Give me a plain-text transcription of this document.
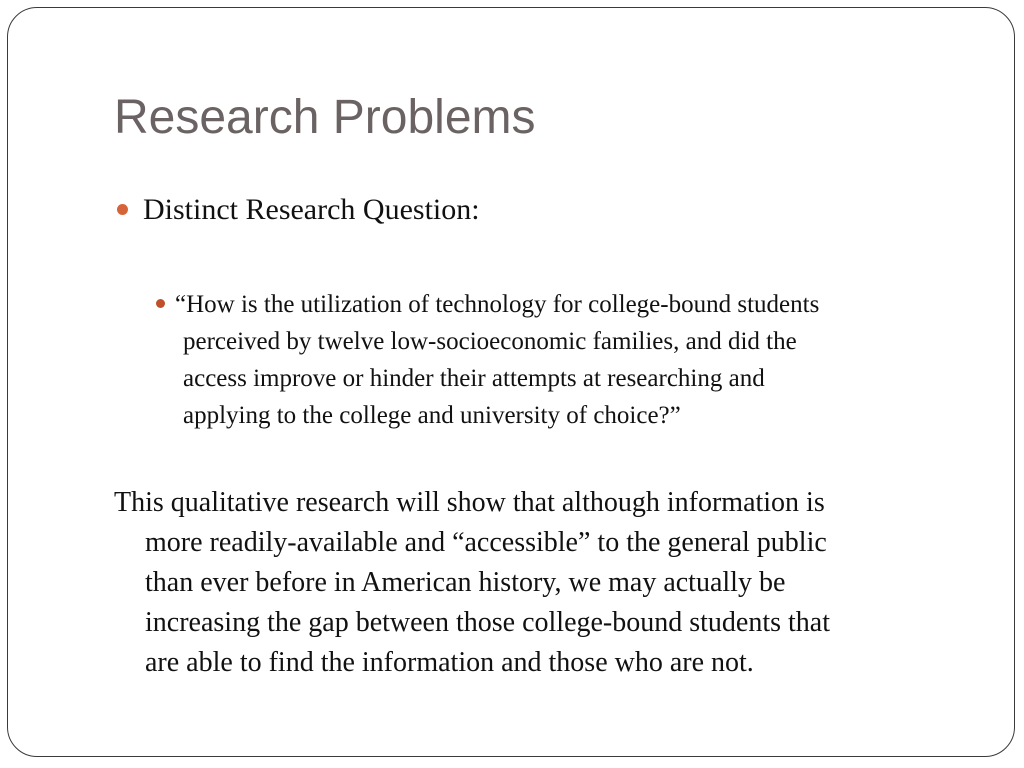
Research Problems
Distinct Research Question:
“How is the utilization of technology for college-bound students
perceived by twelve low-socioeconomic families, and did the
access improve or hinder their attempts at researching and
applying to the college and university of choice?”
This qualitative research will show that although information is
more readily-available and “accessible” to the general public
than ever before in American history, we may actually be
increasing the gap between those college-bound students that
are able to find the information and those who are not.
